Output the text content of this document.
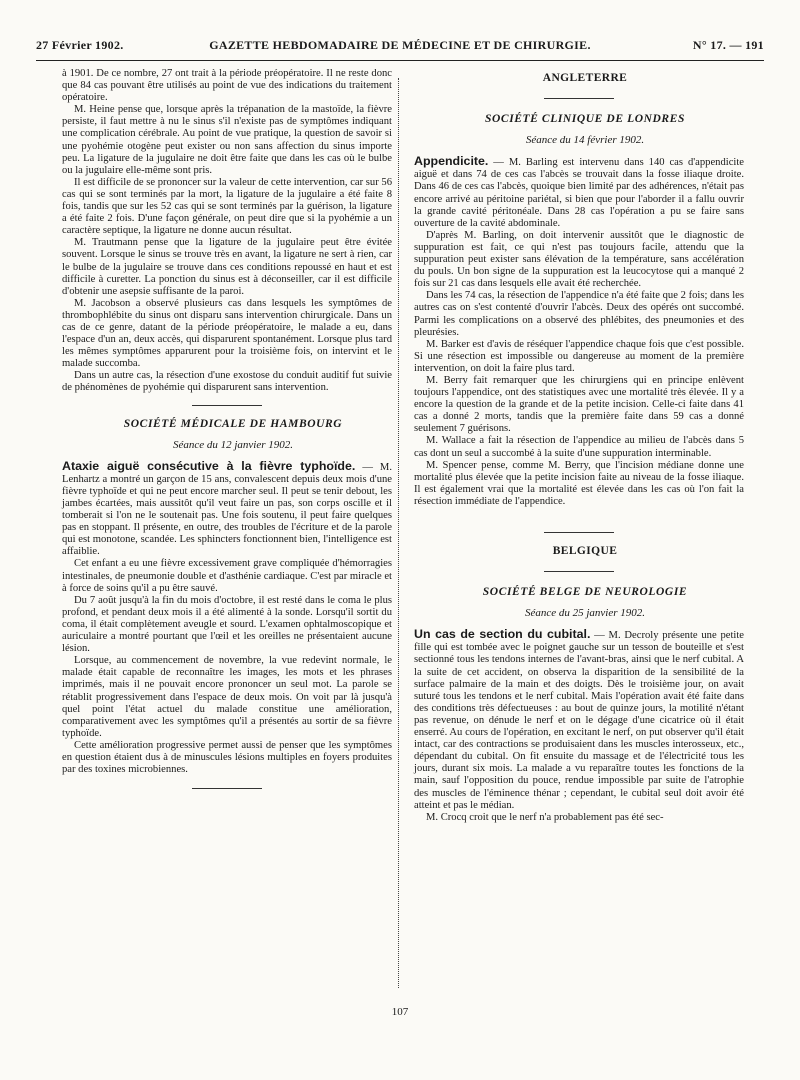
27 Février 1902.	GAZETTE HEBDOMADAIRE DE MÉDECINE ET DE CHIRURGIE.	N° 17. — 191

à 1901. De ce nombre, 27 ont trait à la période préopératoire. Il ne reste donc que 84 cas pouvant être utilisés au point de vue des indications du traitement opératoire.

M. Heine pense que, lorsque après la trépanation de la mastoïde, la fièvre persiste, il faut mettre à nu le sinus s'il n'existe pas de symptômes indiquant une complication cérébrale. Au point de vue pratique, la question de savoir si une pyohémie otogène peut exister ou non sans affection du sinus importe peu. La ligature de la jugulaire ne doit être faite que dans les cas où le bulbe ou la jugulaire elle-même sont pris.

Il est difficile de se prononcer sur la valeur de cette intervention, car sur 56 cas qui se sont terminés par la mort, la ligature de la jugulaire a été faite 8 fois, tandis que sur les 52 cas qui se sont terminés par la guérison, la ligature a été faite 2 fois. D'une façon générale, on peut dire que si la pyohémie a un caractère septique, la ligature ne donne aucun résultat.

M. Trautmann pense que la ligature de la jugulaire peut être évitée souvent. Lorsque le sinus se trouve très en avant, la ligature ne sert à rien, car le bulbe de la jugulaire se trouve dans ces conditions repoussé en haut et est difficile à curetter. La ponction du sinus est à déconseiller, car il est difficile d'obtenir une asepsie suffisante de la paroi.

M. Jacobson a observé plusieurs cas dans lesquels les symptômes de thrombophlébite du sinus ont disparu sans intervention chirurgicale. Dans un cas de ce genre, datant de la période préopératoire, le malade a eu, dans l'espace d'un an, deux accès, qui disparurent spontanément. Lorsque plus tard les mêmes symptômes apparurent pour la troisième fois, on intervint et le malade succomba.

Dans un autre cas, la résection d'une exostose du conduit auditif fut suivie de phénomènes de pyohémie qui disparurent sans intervention.

SOCIÉTÉ MÉDICALE DE HAMBOURG

Séance du 12 janvier 1902.

Ataxie aiguë consécutive à la fièvre typhoïde. — M. Lenhartz a montré un garçon de 15 ans, convalescent depuis deux mois d'une fièvre typhoïde et qui ne peut encore marcher seul. Il peut se tenir debout, les jambes écartées, mais aussitôt qu'il veut faire un pas, son corps oscille et il tomberait si l'on ne le soutenait pas. Une fois soutenu, il peut faire quelques pas en stoppant. Il présente, en outre, des troubles de l'écriture et de la parole qui est monotone, scandée. Les sphincters fonctionnent bien, l'intelligence est affaiblie.

Cet enfant a eu une fièvre excessivement grave compliquée d'hémorragies intestinales, de pneumonie double et d'asthénie cardiaque. C'est par miracle et à force de soins qu'il a pu être sauvé.

Du 7 août jusqu'à la fin du mois d'octobre, il est resté dans le coma le plus profond, et pendant deux mois il a été alimenté à la sonde. Lorsqu'il sortit du coma, il était complètement aveugle et sourd. L'examen ophtalmoscopique et auriculaire a montré pourtant que l'œil et les oreilles ne présentaient aucune lésion.

Lorsque, au commencement de novembre, la vue redevint normale, le malade était capable de reconnaître les images, les mots et les phrases imprimés, mais il ne pouvait encore prononcer un seul mot. La parole se rétablit progressivement dans l'espace de deux mois. On voit par là jusqu'à quel point l'état actuel du malade constitue une amélioration, comparativement avec les symptômes qu'il a présentés au sortir de sa fièvre typhoïde.

Cette amélioration progressive permet aussi de penser que les symptômes en question étaient dus à de minuscules lésions multiples en foyers produites par des toxines microbiennes.

ANGLETERRE

SOCIÉTÉ CLINIQUE DE LONDRES

Séance du 14 février 1902.

Appendicite. — M. Barling est intervenu dans 140 cas d'appendicite aiguë et dans 74 de ces cas l'abcès se trouvait dans la fosse iliaque droite. Dans 46 de ces cas l'abcès, quoique bien limité par des adhérences, n'était pas encore arrivé au péritoine pariétal, si bien que pour l'aborder il a fallu ouvrir la grande cavité péritonéale. Dans 28 cas l'opération a pu se faire sans ouverture de la cavité abdominale.

D'après M. Barling, on doit intervenir aussitôt que le diagnostic de suppuration est fait, ce qui n'est pas toujours facile, attendu que la suppuration peut exister sans élévation de la température, sans accélération du pouls. Un bon signe de la suppuration est la leucocytose qui a manqué 2 fois sur 21 cas dans lesquels elle avait été recherchée.

Dans les 74 cas, la résection de l'appendice n'a été faite que 2 fois; dans les autres cas on s'est contenté d'ouvrir l'abcès. Deux des opérés ont succombé. Parmi les complications on a observé des phlébites, des pneumonies et des pleurésies.

M. Barker est d'avis de réséquer l'appendice chaque fois que c'est possible. Si une résection est impossible ou dangereuse au moment de la première intervention, on doit la faire plus tard.

M. Berry fait remarquer que les chirurgiens qui en principe enlèvent toujours l'appendice, ont des statistiques avec une mortalité très élevée. Il y a encore la question de la grande et de la petite incision. Celle-ci faite dans 41 cas a donné 2 morts, tandis que la première faite dans 59 cas a donné seulement 7 guérisons.

M. Wallace a fait la résection de l'appendice au milieu de l'abcès dans 5 cas dont un seul a succombé à la suite d'une suppuration interminable.

M. Spencer pense, comme M. Berry, que l'incision médiane donne une mortalité plus élevée que la petite incision faite au niveau de la fosse iliaque. Il est également vrai que la mortalité est élevée dans les cas où l'on fait la résection immédiate de l'appendice.

BELGIQUE

SOCIÉTÉ BELGE DE NEUROLOGIE

Séance du 25 janvier 1902.

Un cas de section du cubital. — M. Decroly présente une petite fille qui est tombée avec le poignet gauche sur un tesson de bouteille et s'est sectionné tous les tendons internes de l'avant-bras, ainsi que le nerf cubital. A la suite de cet accident, on observa la disparition de la sensibilité de la surface palmaire de la main et des doigts. Dès le troisième jour, on avait suturé tous les tendons et le nerf cubital. Mais l'opération avait été faite dans des conditions très défectueuses : au bout de quinze jours, la motilité n'étant pas revenue, on dénude le nerf et on le dégage d'une cicatrice où il était enserré. Au cours de l'opération, en excitant le nerf, on put observer qu'il était intact, car des contractions se produisaient dans les muscles interosseux, etc., dépendant du cubital. On fit ensuite du massage et de l'électricité tous les jours, durant six mois. La malade a vu reparaître toutes les fonctions de la main, sauf l'opposition du pouce, rendue impossible par suite de l'atrophie des muscles de l'éminence thénar ; cependant, le cubital seul doit avoir été atteint et pas le médian.

M. Crocq croit que le nerf n'a probablement pas été sec-

107
